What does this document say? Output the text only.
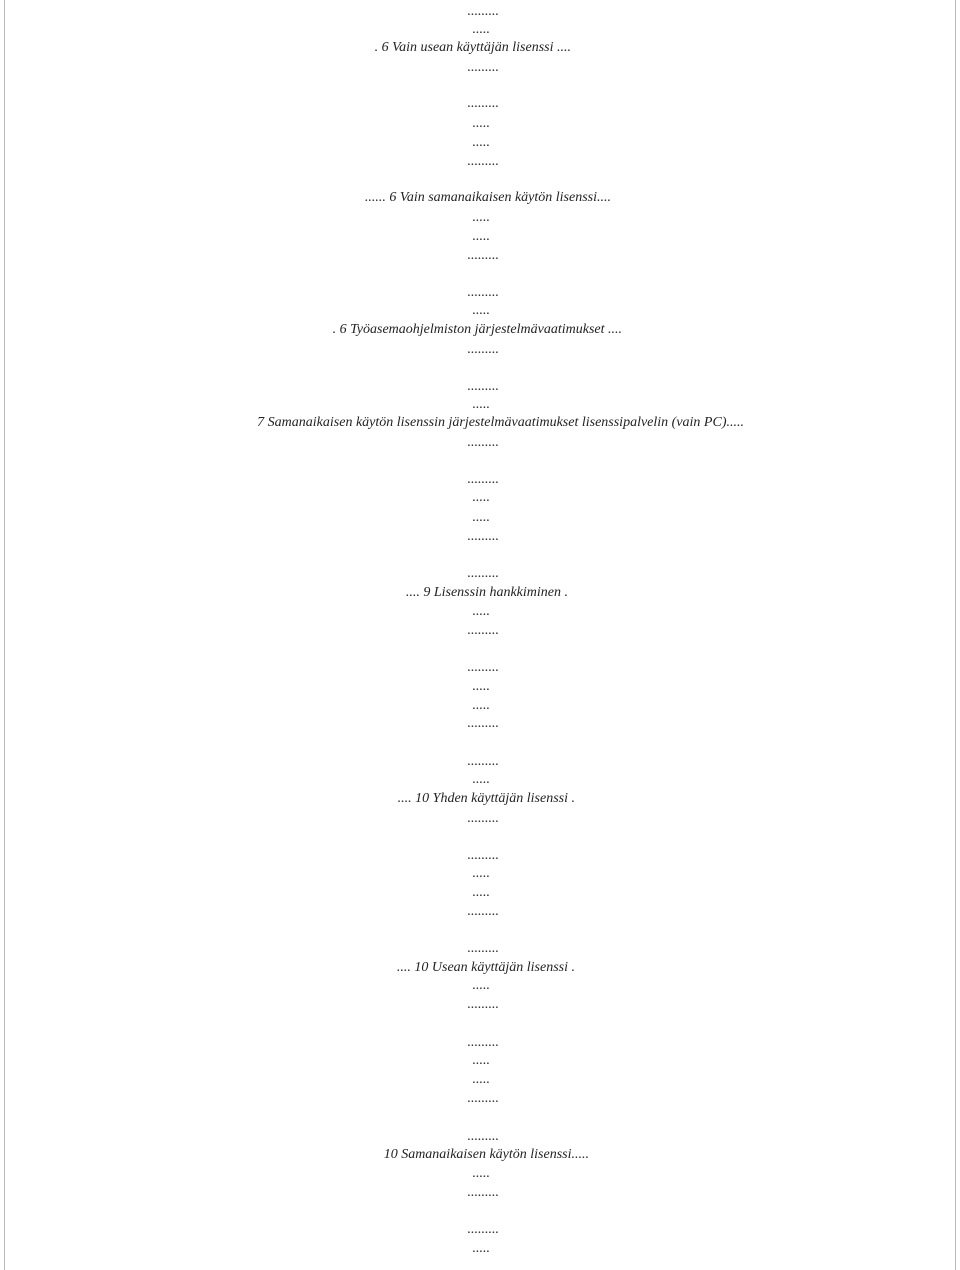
.........
.....
. 6 Vain usean käyttäjän lisenssi ....
.........
.........
.....
.....
.........
...... 6 Vain samanaikaisen käytön lisenssi....
.....
.....
.........
.........
.....
. 6 Työasemaohjelmiston järjestelmävaatimukset ....
.........
.........
.....
7 Samanaikaisen käytön lisenssin järjestelmävaatimukset lisenssipalvelin (vain PC).....
.........
.........
.....
.....
.........
.........
.... 9 Lisenssin hankkiminen .
.....
.........
.........
.....
.....
.........
.........
.....
.... 10 Yhden käyttäjän lisenssi .
.........
.........
.....
.....
.........
.........
.... 10 Usean käyttäjän lisenssi .
.....
.........
.........
.....
.....
.........
.........
10 Samanaikaisen käytön lisenssi.....
.....
.........
.........
.....
